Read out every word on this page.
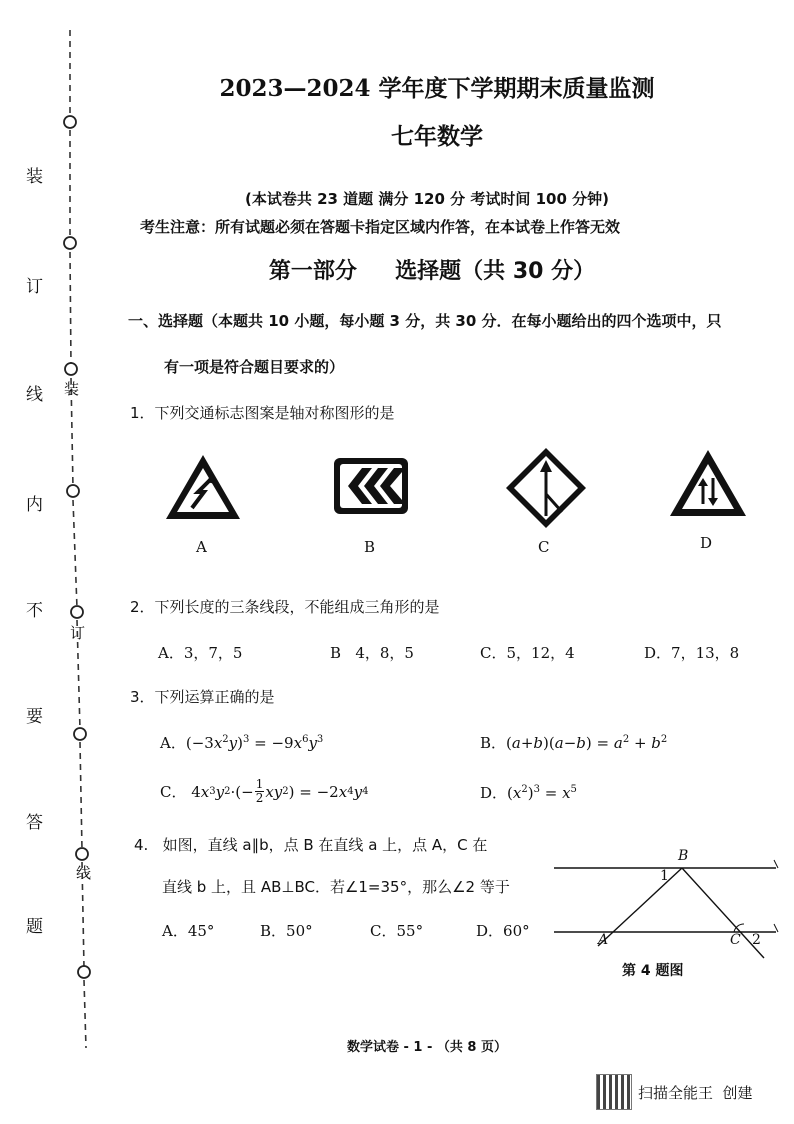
装
订
线
内
不
要
答
题
装
订
线
2023—2024 学年度下学期期末质量监测
七年数学
(本试卷共 23 道题 满分 120 分 考试时间 100 分钟)
考生注意：所有试题必须在答题卡指定区域内作答，在本试卷上作答无效
第一部分     选择题（共 30 分）
一、选择题（本题共 10 小题，每小题 3 分，共 30 分．在每小题给出的四个选项中，只
有一项是符合题目要求的）
1．下列交通标志图案是轴对称图形的是
A	B	C	D
2．下列长度的三条线段，不能组成三角形的是
A．3，7，5	B   4，8，5	C．5，12，4	D．7，13，8
3．下列运算正确的是
A．$(-3x^2y)^3 = -9x^6y^3$	B．$(a+b)(a-b) = a^2 + b^2$
C． 4 x 3 y 2 ·(− 1
2 xy 2 ) = −2 x 4 y 4	D．$(x^2)^3 = x^5$
4.   如图，直线 a∥b，点 B 在直线 a 上，点 A，C 在
直线 b 上，且 AB⊥BC．若∠1=35°，那么∠2 等于
A．45°	B．50°	C．55°	D．60°
B
1
A	C 2
第 4 题图
数学试卷 - 1 - （共 8 页）
扫描全能王  创建
